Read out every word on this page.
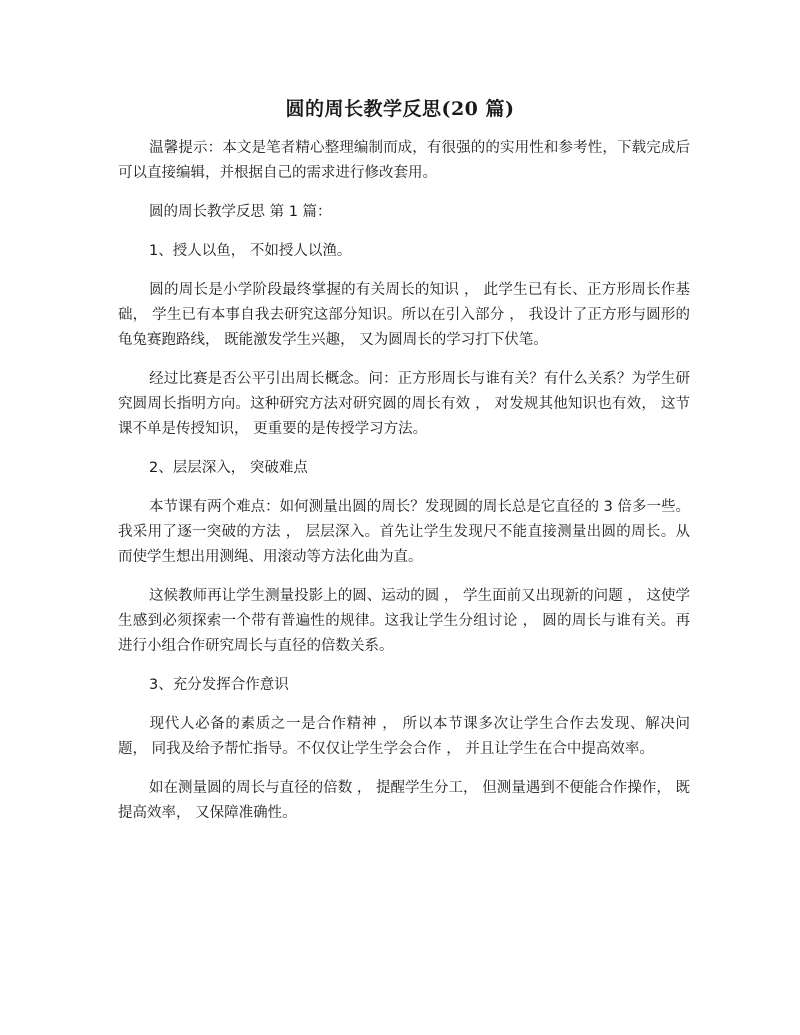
圆的周长教学反思(20 篇)

温馨提示：本文是笔者精心整理编制而成，有很强的的实用性和参考性，下载完成后可以直接编辑，并根据自己的需求进行修改套用。

圆的周长教学反思 第 1 篇：

1、授人以鱼， 不如授人以渔。

圆的周长是小学阶段最终掌握的有关周长的知识 ， 此学生已有长、正方形周长作基础， 学生已有本事自我去研究这部分知识。所以在引入部分 ， 我设计了正方形与圆形的龟兔赛跑路线， 既能激发学生兴趣， 又为圆周长的学习打下伏笔。

经过比赛是否公平引出周长概念。问：正方形周长与谁有关？有什么关系？为学生研究圆周长指明方向。这种研究方法对研究圆的周长有效 ， 对发规其他知识也有效， 这节课不单是传授知识， 更重要的是传授学习方法。

2、层层深入， 突破难点

本节课有两个难点：如何测量出圆的周长？发现圆的周长总是它直径的 3 倍多一些。我采用了逐一突破的方法 ， 层层深入。首先让学生发现尺不能直接测量出圆的周长。从而使学生想出用测绳、用滚动等方法化曲为直。

这候教师再让学生测量投影上的圆、运动的圆 ， 学生面前又出现新的问题 ， 这使学生感到必须探索一个带有普遍性的规律。这我让学生分组讨论 ， 圆的周长与谁有关。再进行小组合作研究周长与直径的倍数关系。

3、充分发挥合作意识

现代人必备的素质之一是合作精神 ， 所以本节课多次让学生合作去发现、解决问题， 同我及给予帮忙指导。不仅仅让学生学会合作 ， 并且让学生在合中提高效率。

如在测量圆的周长与直径的倍数 ， 提醒学生分工， 但测量遇到不便能合作操作， 既提高效率， 又保障准确性。
